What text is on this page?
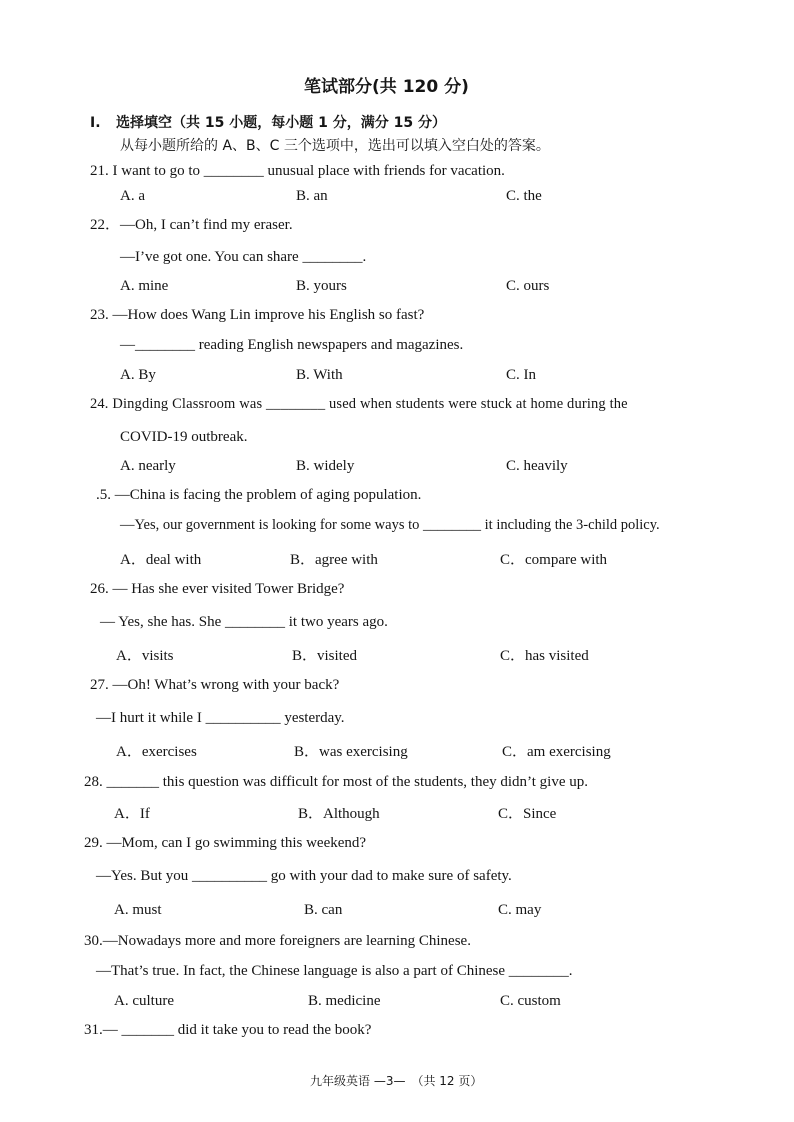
笔试部分(共 120 分)
I. 选择填空（共 15 小题，每小题 1 分，满分 15 分）
从每小题所给的 A、B、C 三个选项中，选出可以填入空白处的答案。
21. I want to go to ________ unusual place with friends for vacation.
A. a	B. an	C. the
22．—Oh, I can’t find my eraser.
—I’ve got one. You can share ________.
A. mine	B. yours	C. ours
23. —How does Wang Lin improve his English so fast?
—________ reading English newspapers and magazines.
A. By	B. With	C. In
24. Dingding Classroom was ________ used when students were stuck at home during the
COVID-19 outbreak.
A. nearly	B. widely	C. heavily
.5. —China is facing the problem of aging population.
—Yes, our government is looking for some ways to ________ it including the 3-child policy.
A．deal with	B．agree with	C．compare with
26. — Has she ever visited Tower Bridge?
— Yes, she has. She ________ it two years ago.
A．visits	B．visited	C．has visited
27. —Oh! What’s wrong with your back?
—I hurt it while I __________ yesterday.
A．exercises	B．was exercising	C．am exercising
28. _______ this question was difficult for most of the students, they didn’t give up.
A．If	B．Although	C．Since
29. —Mom, can I go swimming this weekend?
—Yes. But you __________ go with your dad to make sure of safety.
A. must	B. can	C. may
30.—Nowadays more and more foreigners are learning Chinese.
—That’s true. In fact, the Chinese language is also a part of Chinese ________.
A. culture	B. medicine	C. custom
31.— _______ did it take you to read the book?
九年级英语 —3—　（共 12 页）
